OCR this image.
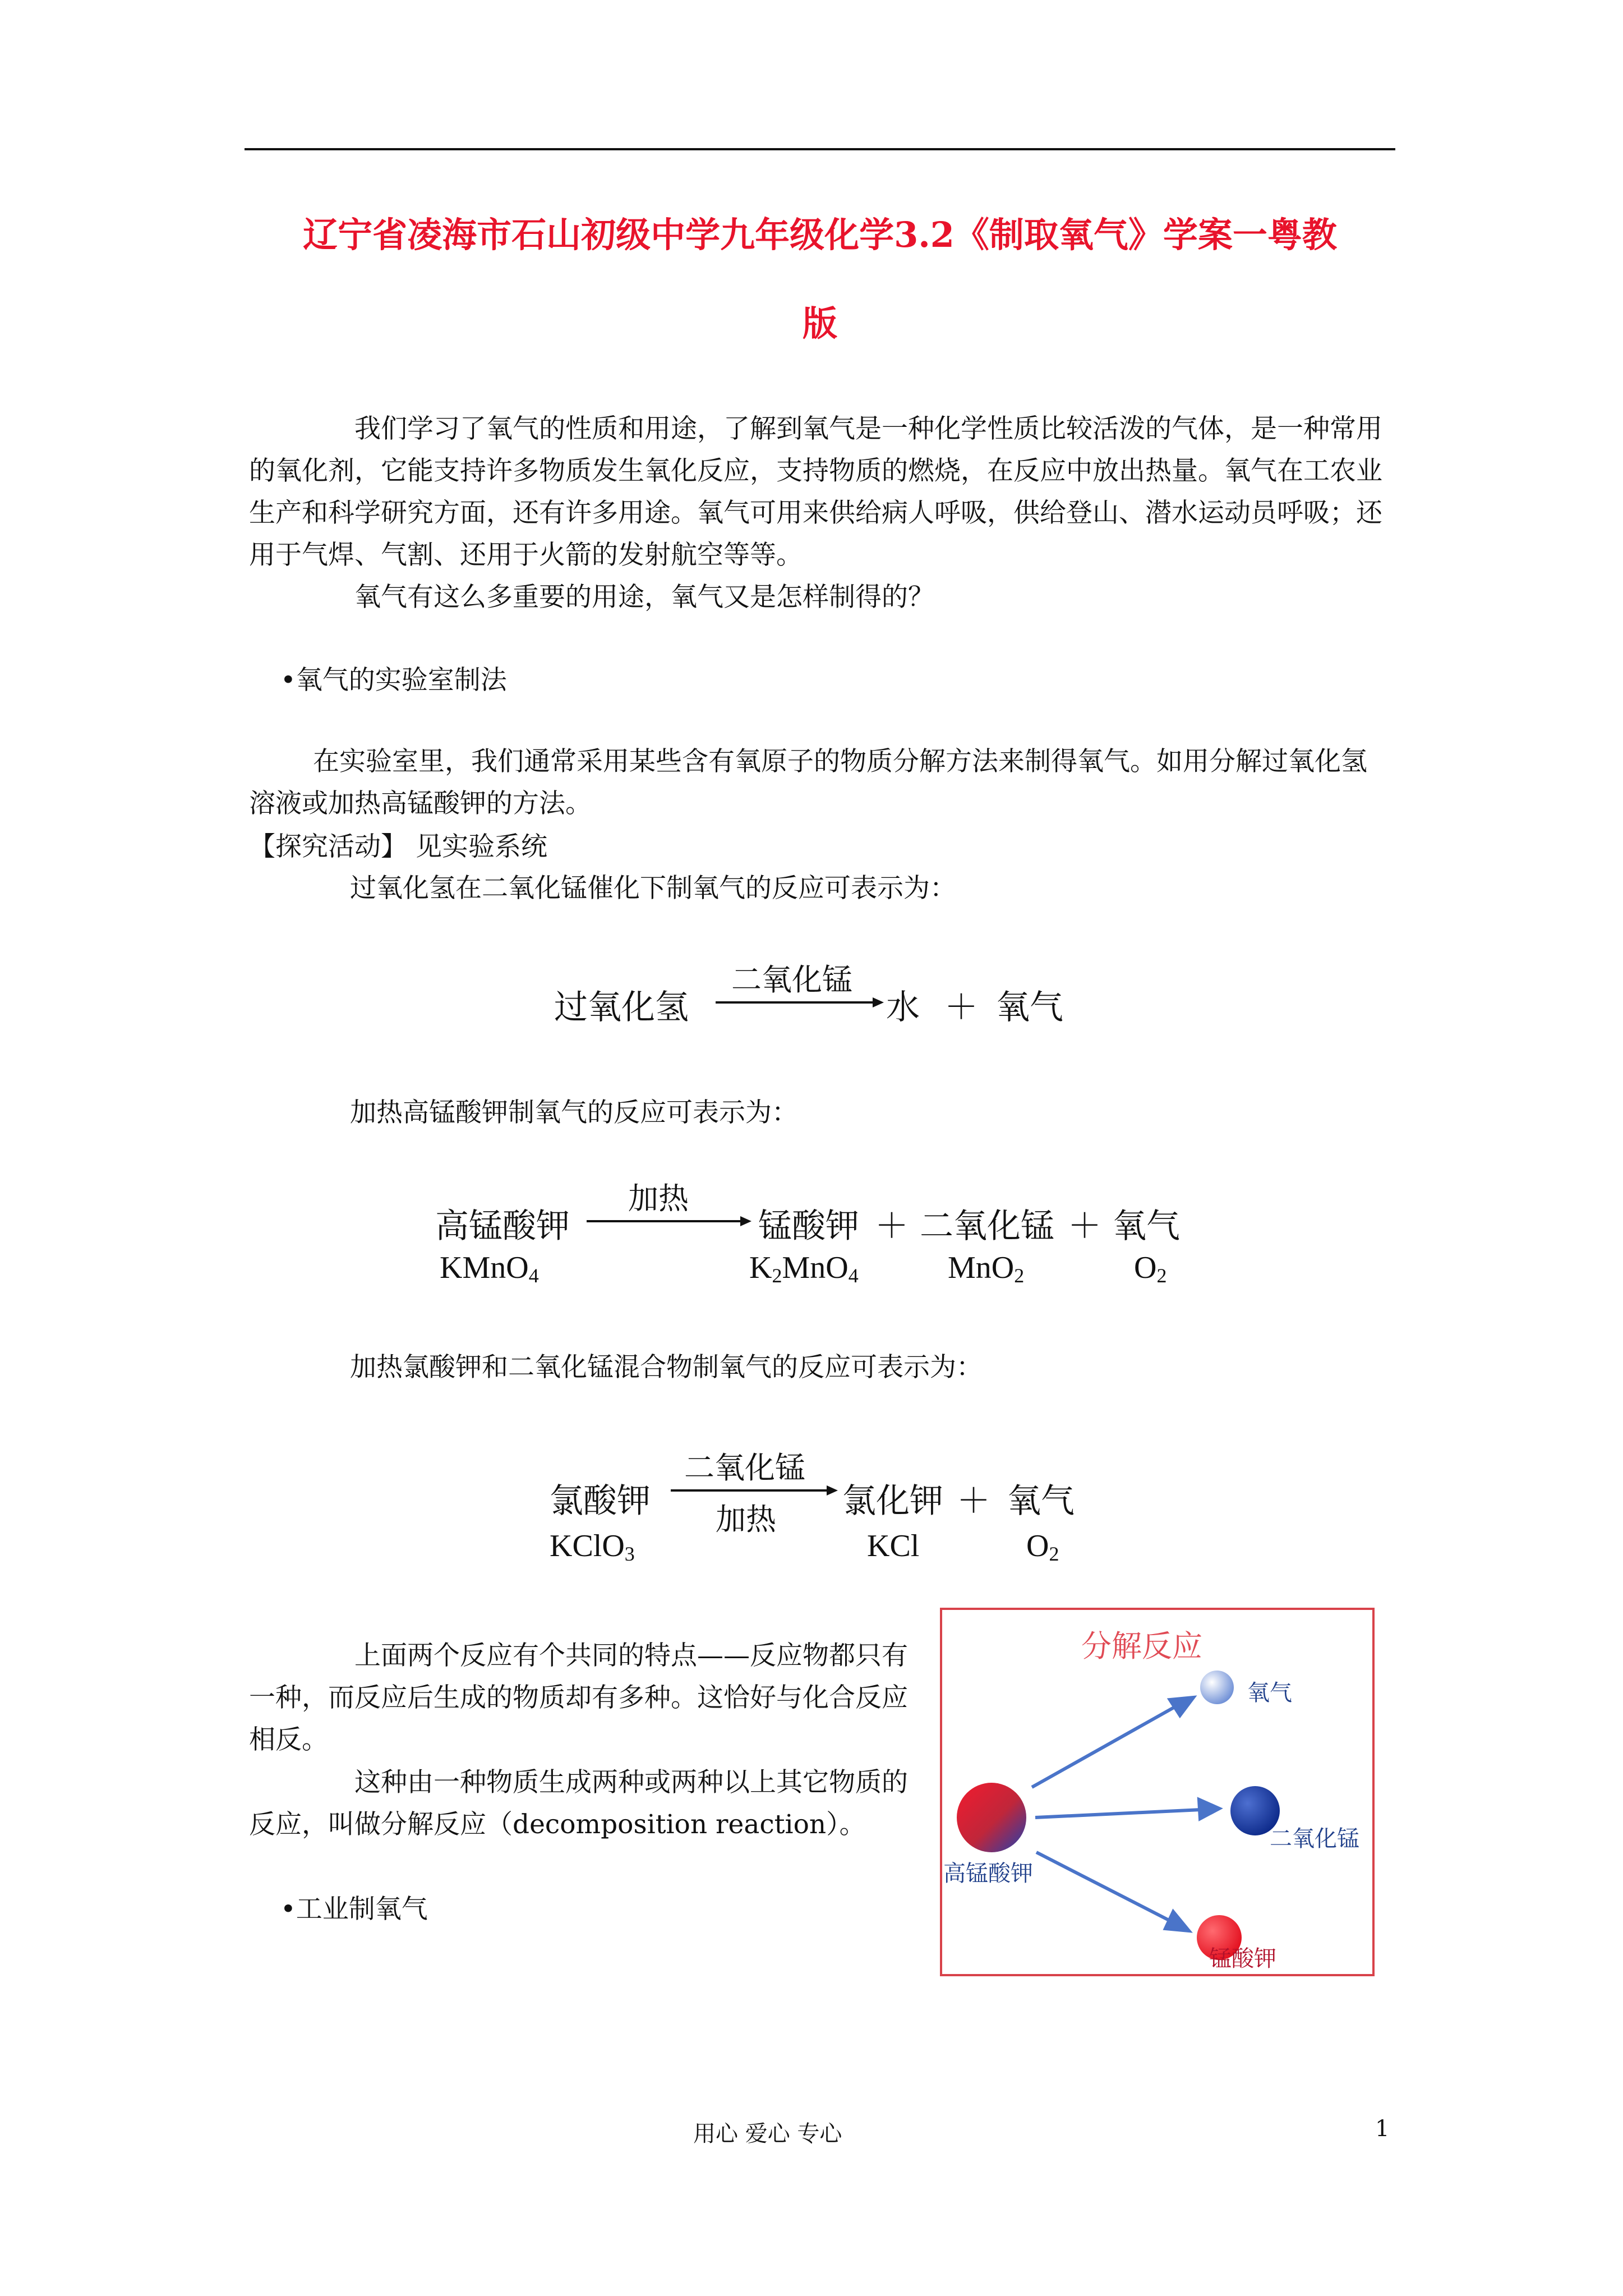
辽宁省凌海市石山初级中学九年级化学3.2《制取氧气》学案一粤教
版

我们学习了氧气的性质和用途，了解到氧气是一种化学性质比较活泼的气体，是一种常用的氧化剂，它能支持许多物质发生氧化反应，支持物质的燃烧，在反应中放出热量。氧气在工农业生产和科学研究方面，还有许多用途。氧气可用来供给病人呼吸，供给登山、潜水运动员呼吸；还用于气焊、气割、还用于火箭的发射航空等等。

氧气有这么多重要的用途，氧气又是怎样制得的？

•氧气的实验室制法

在实验室里，我们通常采用某些含有氧原子的物质分解方法来制得氧气。如用分解过氧化氢溶液或加热高锰酸钾的方法。

【探究活动】 见实验系统

过氧化氢在二氧化锰催化下制氧气的反应可表示为：

过氧化氢
二氧化锰
水 ＋ 氧气

加热高锰酸钾制氧气的反应可表示为：

高锰酸钾
加热
锰酸钾 ＋ 二氧化锰 ＋ 氧气
KMnO$_4$	$K_2MnO_4$	MnO$_2$	$O_2$

加热氯酸钾和二氧化锰混合物制氧气的反应可表示为：

氯酸钾
二氧化锰
加热 氯化钾 ＋ 氧气
KClO$_3$	KCl	$O_2$

上面两个反应有个共同的特点——反应物都只有一种，而反应后生成的物质却有多种。这恰好与化合反应相反。

这种由一种物质生成两种或两种以上其它物质的反应，叫做分解反应（decomposition reaction）。

•工业制氧气

分解反应
氧气
二氧化锰
高锰酸钾
锰酸钾
用心 爱心 专心	1
